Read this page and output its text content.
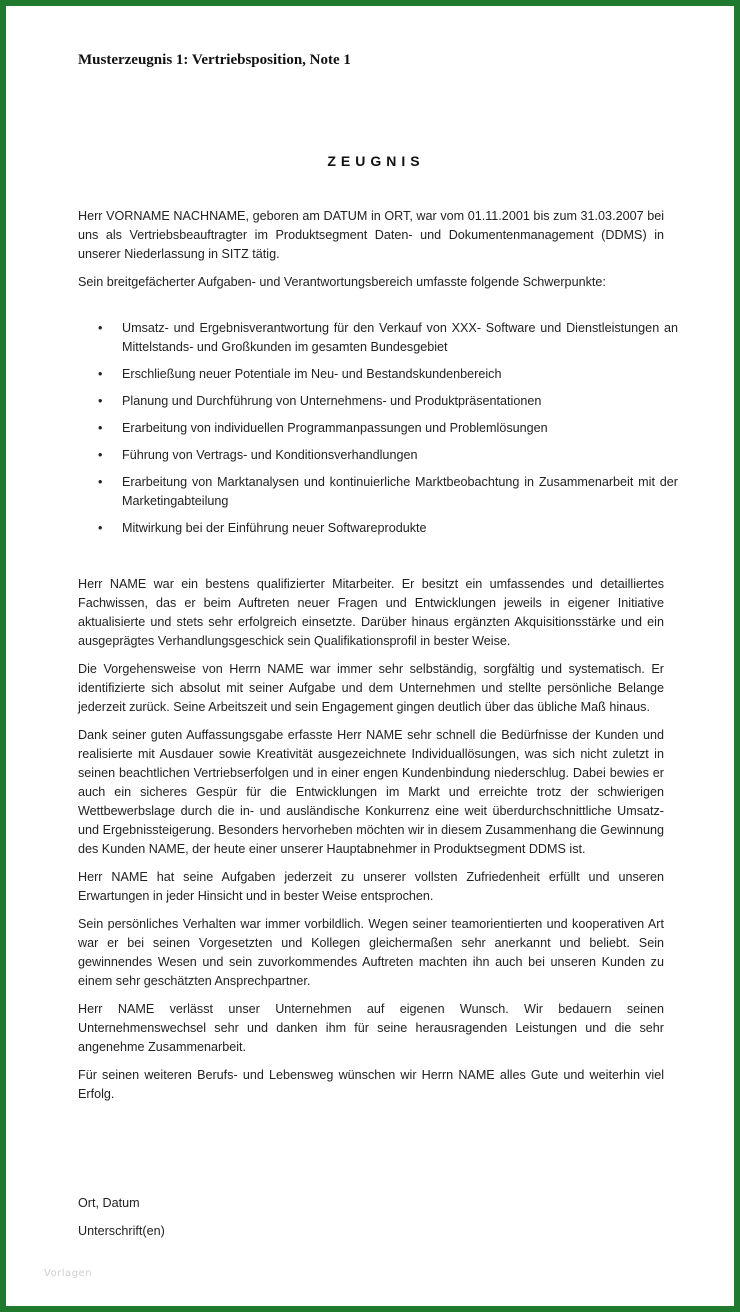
Musterzeugnis 1: Vertriebsposition, Note 1
ZEUGNIS

Herr VORNAME NACHNAME, geboren am DATUM in ORT, war vom 01.11.2001 bis zum 31.03.2007 bei uns als Vertriebsbeauftragter im Produktsegment Daten- und Dokumentenmanagement (DDMS) in unserer Niederlassung in SITZ tätig.

Sein breitgefächerter Aufgaben- und Verantwortungsbereich umfasste folgende Schwerpunkte:

• Umsatz- und Ergebnisverantwortung für den Verkauf von XXX- Software und Dienstleistungen an Mittelstands- und Großkunden im gesamten Bundesgebiet
• Erschließung neuer Potentiale im Neu- und Bestandskundenbereich
• Planung und Durchführung von Unternehmens- und Produktpräsentationen
• Erarbeitung von individuellen Programmanpassungen und Problemlösungen
• Führung von Vertrags- und Konditionsverhandlungen
• Erarbeitung von Marktanalysen und kontinuierliche Marktbeobachtung in Zusammenarbeit mit der Marketingabteilung
• Mitwirkung bei der Einführung neuer Softwareprodukte

Herr NAME war ein bestens qualifizierter Mitarbeiter. Er besitzt ein umfassendes und detailliertes Fachwissen, das er beim Auftreten neuer Fragen und Entwicklungen jeweils in eigener Initiative aktualisierte und stets sehr erfolgreich einsetzte. Darüber hinaus ergänzten Akquisitionsstärke und ein ausgeprägtes Verhandlungsgeschick sein Qualifikationsprofil in bester Weise.

Die Vorgehensweise von Herrn NAME war immer sehr selbständig, sorgfältig und systematisch. Er identifizierte sich absolut mit seiner Aufgabe und dem Unternehmen und stellte persönliche Belange jederzeit zurück. Seine Arbeitszeit und sein Engagement gingen deutlich über das übliche Maß hinaus.

Dank seiner guten Auffassungsgabe erfasste Herr NAME sehr schnell die Bedürfnisse der Kunden und realisierte mit Ausdauer sowie Kreativität ausgezeichnete Individuallösungen, was sich nicht zuletzt in seinen beachtlichen Vertriebserfolgen und in einer engen Kundenbindung niederschlug. Dabei bewies er auch ein sicheres Gespür für die Entwicklungen im Markt und erreichte trotz der schwierigen Wettbewerbslage durch die in- und ausländische Konkurrenz eine weit überdurchschnittliche Umsatz- und Ergebnissteigerung. Besonders hervorheben möchten wir in diesem Zusammenhang die Gewinnung des Kunden NAME, der heute einer unserer Hauptabnehmer in Produktsegment DDMS ist.

Herr NAME hat seine Aufgaben jederzeit zu unserer vollsten Zufriedenheit erfüllt und unseren Erwartungen in jeder Hinsicht und in bester Weise entsprochen.

Sein persönliches Verhalten war immer vorbildlich. Wegen seiner teamorientierten und kooperativen Art war er bei seinen Vorgesetzten und Kollegen gleichermaßen sehr anerkannt und beliebt. Sein gewinnendes Wesen und sein zuvorkommendes Auftreten machten ihn auch bei unseren Kunden zu einem sehr geschätzten Ansprechpartner.

Herr NAME verlässt unser Unternehmen auf eigenen Wunsch. Wir bedauern seinen Unternehmenswechsel sehr und danken ihm für seine herausragenden Leistungen und die sehr angenehme Zusammenarbeit.

Für seinen weiteren Berufs- und Lebensweg wünschen wir Herrn NAME alles Gute und weiterhin viel Erfolg.

Ort, Datum
Unterschrift(en)
Vorlagen
